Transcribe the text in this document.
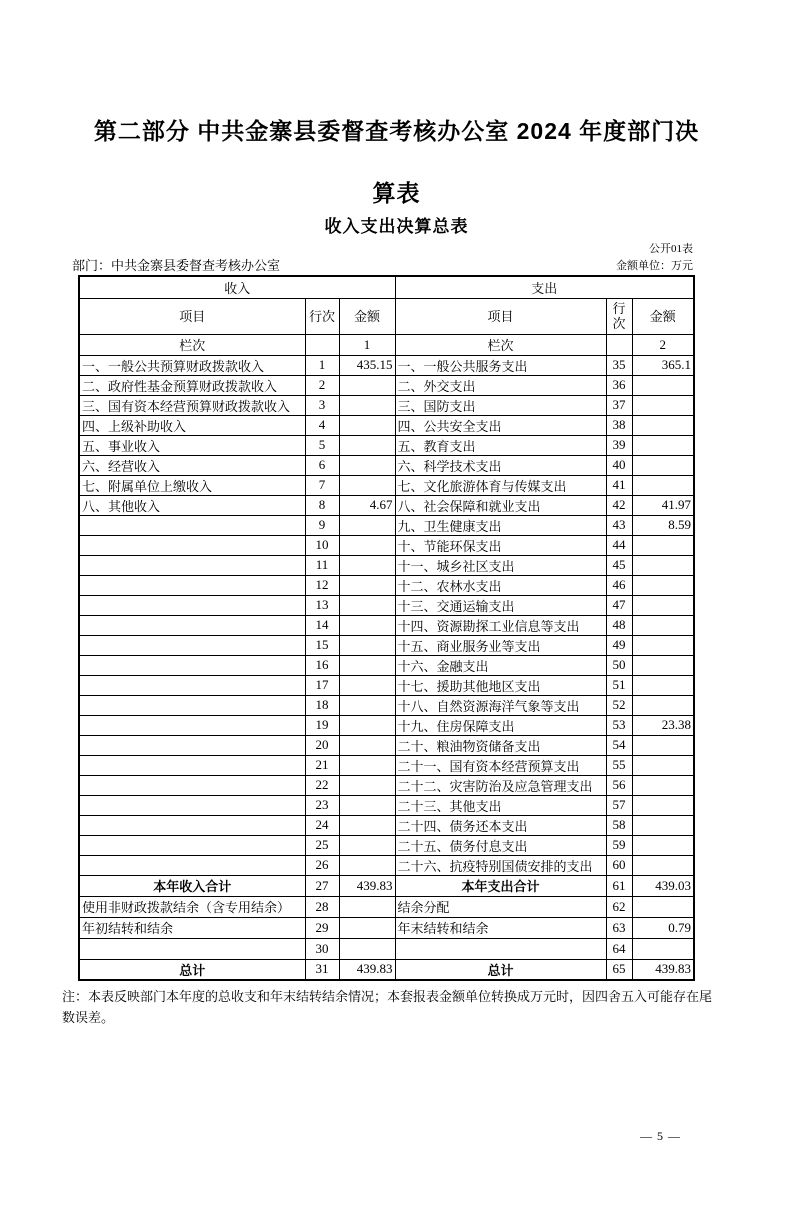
第二部分 中共金寨县委督查考核办公室 2024 年度部门决
算表
收入支出决算总表
公开01表
部门：中共金寨县委督查考核办公室	金额单位：万元
收入			支出		
项目	行次	金额	项目	行次	金额
栏次		1	栏次		2
一、一般公共预算财政拨款收入	1	435.15	一、一般公共服务支出	35	365.1
二、政府性基金预算财政拨款收入	2		二、外交支出	36	
三、国有资本经营预算财政拨款收入	3		三、国防支出	37	
四、上级补助收入	4		四、公共安全支出	38	
五、事业收入	5		五、教育支出	39	
六、经营收入	6		六、科学技术支出	40	
七、附属单位上缴收入	7		七、文化旅游体育与传媒支出	41	
八、其他收入	8	4.67	八、社会保障和就业支出	42	41.97
	9		九、卫生健康支出	43	8.59
	10		十、节能环保支出	44	
	11		十一、城乡社区支出	45	
	12		十二、农林水支出	46	
	13		十三、交通运输支出	47	
	14		十四、资源勘探工业信息等支出	48	
	15		十五、商业服务业等支出	49	
	16		十六、金融支出	50	
	17		十七、援助其他地区支出	51	
	18		十八、自然资源海洋气象等支出	52	
	19		十九、住房保障支出	53	23.38
	20		二十、粮油物资储备支出	54	
	21		二十一、国有资本经营预算支出	55	
	22		二十二、灾害防治及应急管理支出	56	
	23		二十三、其他支出	57	
	24		二十四、债务还本支出	58	
	25		二十五、债务付息支出	59	
	26		二十六、抗疫特别国债安排的支出	60	
本年收入合计	27	439.83	本年支出合计	61	439.03
使用非财政拨款结余（含专用结余）	28		结余分配	62	
年初结转和结余	29		年末结转和结余	63	0.79
	30			64	
总计	31	439.83	总计	65	439.83

注：本表反映部门本年度的总收支和年末结转结余情况；本套报表金额单位转换成万元时，因四舍五入可能存在尾数误差。

— 5 —
